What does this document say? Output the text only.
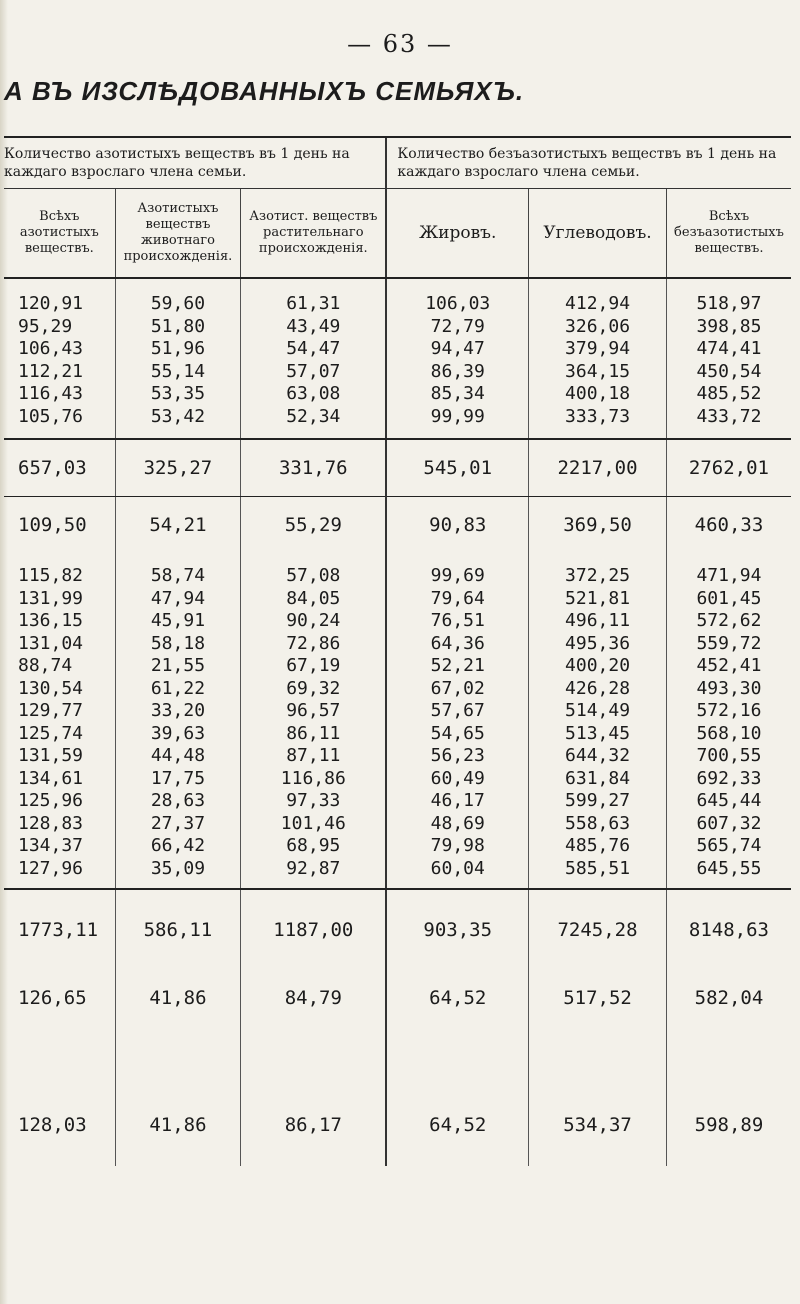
— 63 —
А ВЪ ИЗСЛѢДОВАННЫХЪ СЕМЬЯХЪ.
Количество азотистыхъ веществъ въ 1 день на каждаго взрослаго члена семьи.			Количество безъазотистыхъ веществъ въ 1 день на каждаго взрослаго члена семьи.		
Всѣхъ азотистыхъ веществъ.	Азотистыхъ веществъ животнаго происхожденія.	Азотист. веществъ растительнаго происхожденія.	Жировъ.	Углеводовъ.	Всѣхъ безъазотистыхъ веществъ.
120,91	59,60	61,31	106,03	412,94	518,97
95,29	51,80	43,49	72,79	326,06	398,85
106,43	51,96	54,47	94,47	379,94	474,41
112,21	55,14	57,07	86,39	364,15	450,54
116,43	53,35	63,08	85,34	400,18	485,52
105,76	53,42	52,34	99,99	333,73	433,72
657,03	325,27	331,76	545,01	2217,00	2762,01
109,50	54,21	55,29	90,83	369,50	460,33
115,82	58,74	57,08	99,69	372,25	471,94
131,99	47,94	84,05	79,64	521,81	601,45
136,15	45,91	90,24	76,51	496,11	572,62
131,04	58,18	72,86	64,36	495,36	559,72
88,74	21,55	67,19	52,21	400,20	452,41
130,54	61,22	69,32	67,02	426,28	493,30
129,77	33,20	96,57	57,67	514,49	572,16
125,74	39,63	86,11	54,65	513,45	568,10
131,59	44,48	87,11	56,23	644,32	700,55
134,61	17,75	116,86	60,49	631,84	692,33
125,96	28,63	97,33	46,17	599,27	645,44
128,83	27,37	101,46	48,69	558,63	607,32
134,37	66,42	68,95	79,98	485,76	565,74
127,96	35,09	92,87	60,04	585,51	645,55
1773,11	586,11	1187,00	903,35	7245,28	8148,63
126,65	41,86	84,79	64,52	517,52	582,04
128,03	41,86	86,17	64,52	534,37	598,89
